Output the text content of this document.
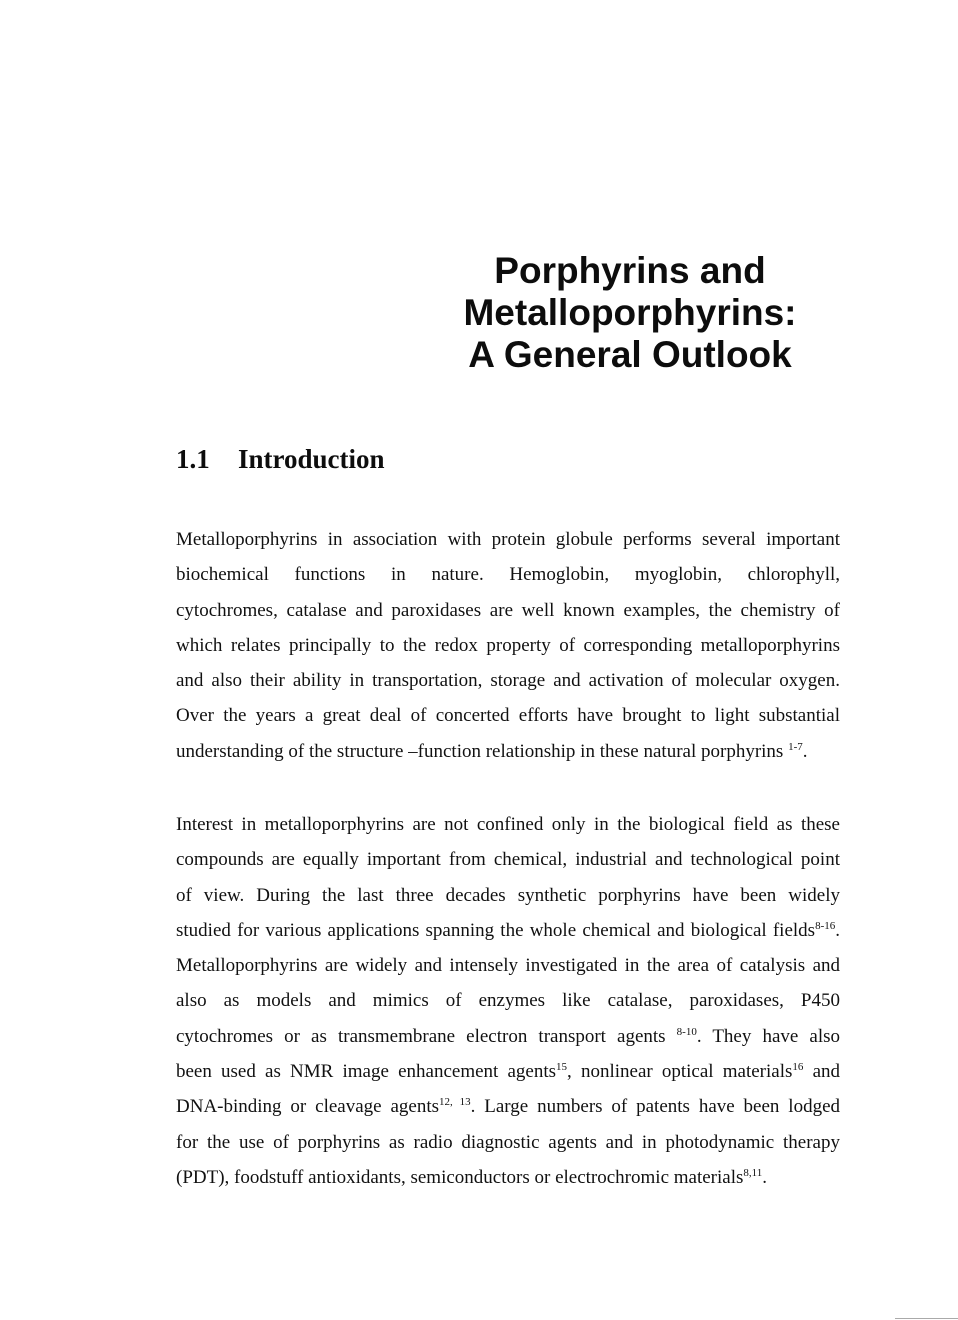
Porphyrins and
Metalloporphyrins:
A General Outlook
1.1 Introduction
Metalloporphyrins in association with protein globule performs several important
biochemical functions in nature. Hemoglobin, myoglobin, chlorophyll,
cytochromes, catalase and paroxidases are well known examples, the chemistry of
which relates principally to the redox property of corresponding metalloporphyrins
and also their ability in transportation, storage and activation of molecular oxygen.
Over the years a great deal of concerted efforts have brought to light substantial
understanding of the structure –function relationship in these natural porphyrins $^{1-7}$.
Interest in metalloporphyrins are not confined only in the biological field as these
compounds are equally important from chemical, industrial and technological point
of view. During the last three decades synthetic porphyrins have been widely
studied for various applications spanning the whole chemical and biological fields$^{8-16}$.
Metalloporphyrins are widely and intensely investigated in the area of catalysis and
also as models and mimics of enzymes like catalase, paroxidases, P450
cytochromes or as transmembrane electron transport agents $^{8-10}$. They have also
been used as NMR image enhancement agents$^{15}$, nonlinear optical materials$^{16}$ and
DNA-binding or cleavage agents$^{12, 13}$. Large numbers of patents have been lodged
for the use of porphyrins as radio diagnostic agents and in photodynamic therapy
(PDT), foodstuff antioxidants, semiconductors or electrochromic materials$^{8,11}$.
